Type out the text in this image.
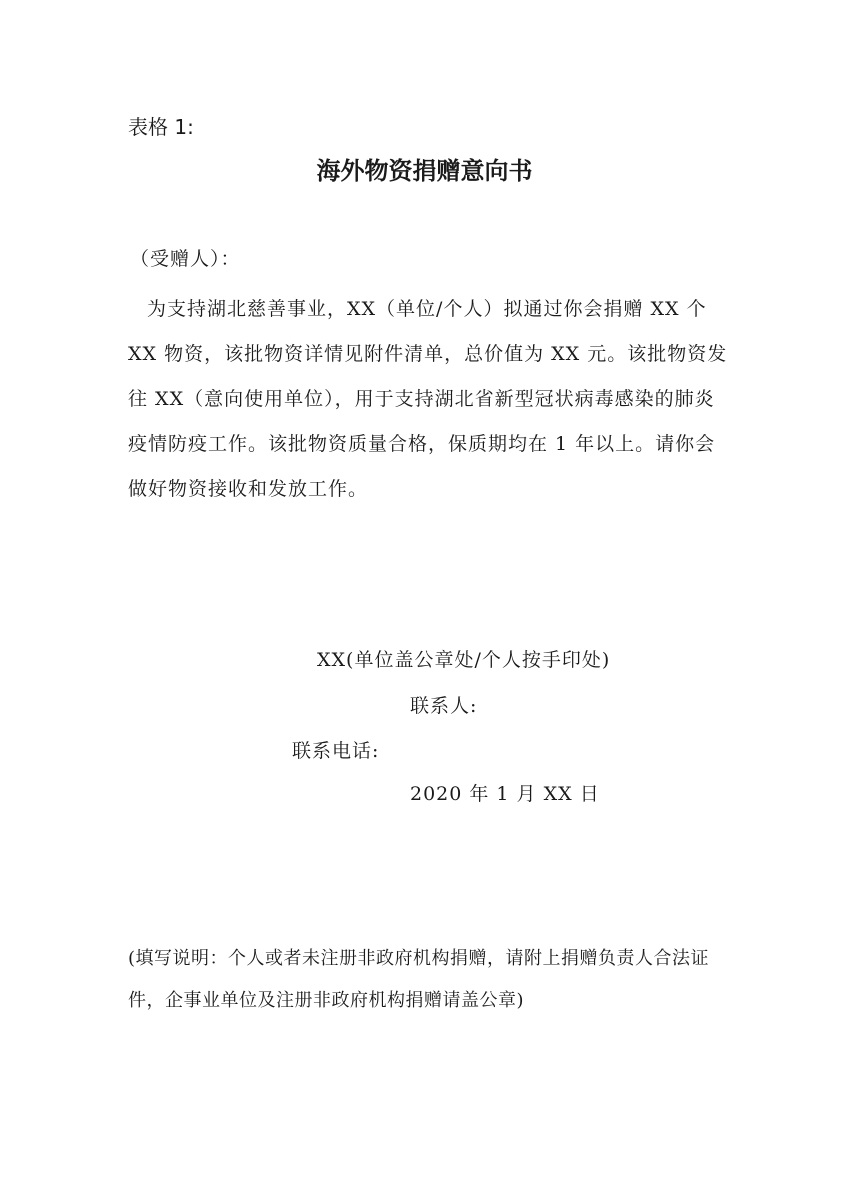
表格 1:
海外物资捐赠意向书
（受赠人）：

为支持湖北慈善事业，XX（单位/个人）拟通过你会捐赠 XX 个 XX 物资，该批物资详情见附件清单，总价值为 XX 元。该批物资发往 XX（意向使用单位），用于支持湖北省新型冠状病毒感染的肺炎疫情防疫工作。该批物资质量合格，保质期均在 1 年以上。请你会做好物资接收和发放工作。

XX(单位盖公章处/个人按手印处)
联系人:
联系电话:
2020 年 1 月 XX 日

(填写说明：个人或者未注册非政府机构捐赠，请附上捐赠负责人合法证件，企事业单位及注册非政府机构捐赠请盖公章)
